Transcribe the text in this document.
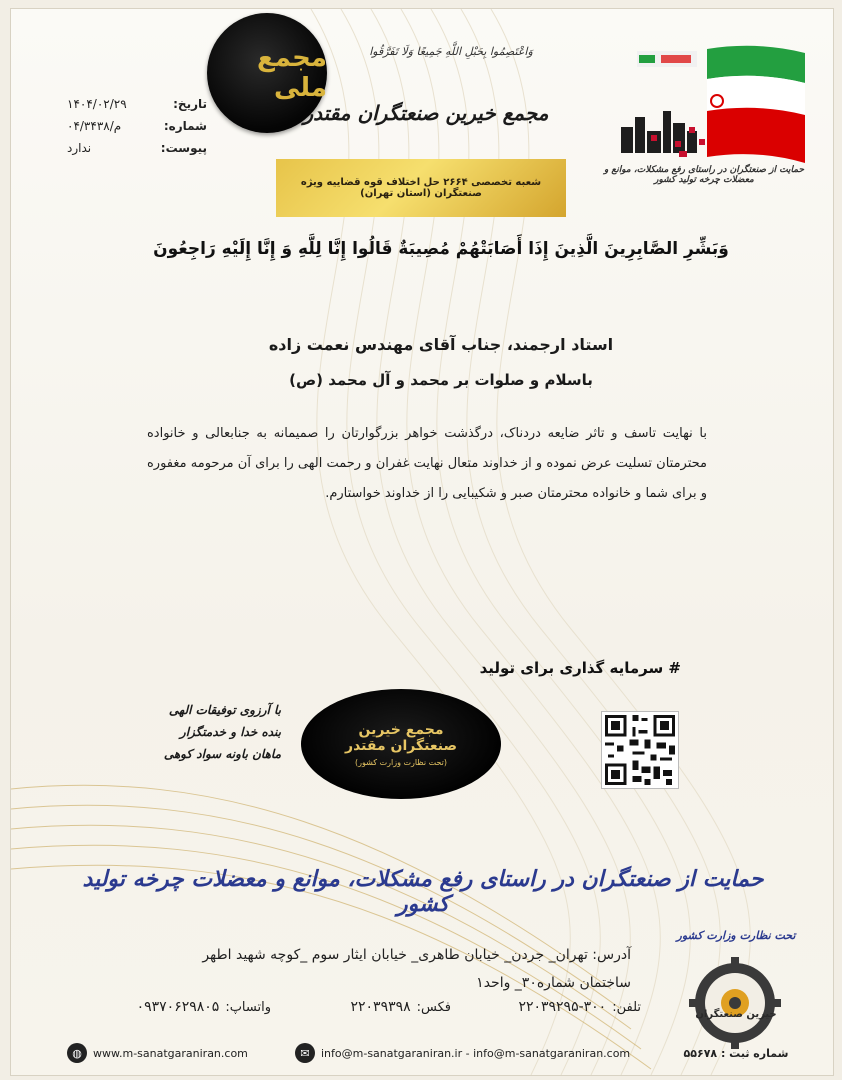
مجمع ملی
وَاعْتَصِمُوا بِحَبْلِ اللَّهِ جَمِيعًا وَلَا تَفَرَّقُوا
مجمع خیرین صنعتگران مقتدر
شعبه تخصصی ۲۶۶۴ حل اختلاف قوه قضاییه ویژه صنعتگران (استان تهران)
تاریخ:
۱۴۰۴/۰۲/۲۹
شماره:
۰۴/۳۴۳۸/م
پیوست:
ندارد
حمایت از صنعتگران در راستای رفع مشکلات، موانع و معضلات چرخه تولید کشور
وَبَشِّرِ الصَّابِرِينَ الَّذِينَ إِذَا أَصَابَتْهُمْ مُصِيبَةٌ قَالُوا إِنَّا لِلَّهِ وَ إِنَّا إِلَيْهِ رَاجِعُونَ
استاد ارجمند، جناب آقای مهندس نعمت زاده
باسلام و صلوات بر محمد و آل محمد (ص)
با نهایت تاسف و تاثر ضایعه دردناک، درگذشت خواهر بزرگوارتان را صمیمانه به جنابعالی و خانواده محترمتان تسلیت عرض نموده و از خداوند متعال نهایت غفران و رحمت الهی را برای آن مرحومه مغفوره و برای شما و خانواده محترمتان صبر و شکیبایی را از خداوند خواستارم.
# سرمایه گذاری برای تولید
با آرزوی توفیقات الهی
بنده خدا و خدمتگزار
ماهان باونه سواد کوهی
مجمع خیرین
صنعتگران مقتدر
(تحت نظارت وزارت کشور)
حمایت از صنعتگران در راستای رفع مشکلات، موانع و معضلات چرخه تولید کشور
آدرس: تهران_ جردن_ خیابان طاهری_ خیابان ایثار سوم _کوچه شهید اطهر
ساختمان شماره۳۰_ واحد۱
تلفن:
۲۲۰۳۹۲۹۵-۳۰۰
فکس:
۲۲۰۳۹۳۹۸
واتساپ:
۰۹۳۷۰۶۲۹۸۰۵
◍	www.m-sanatgaraniran.com	✉	info@m-sanatgaraniran.ir - info@m-sanatgaraniran.com
تحت نظارت وزارت کشور
خیرین صنعتگران
شماره ثبت : ۵۵۶۷۸
